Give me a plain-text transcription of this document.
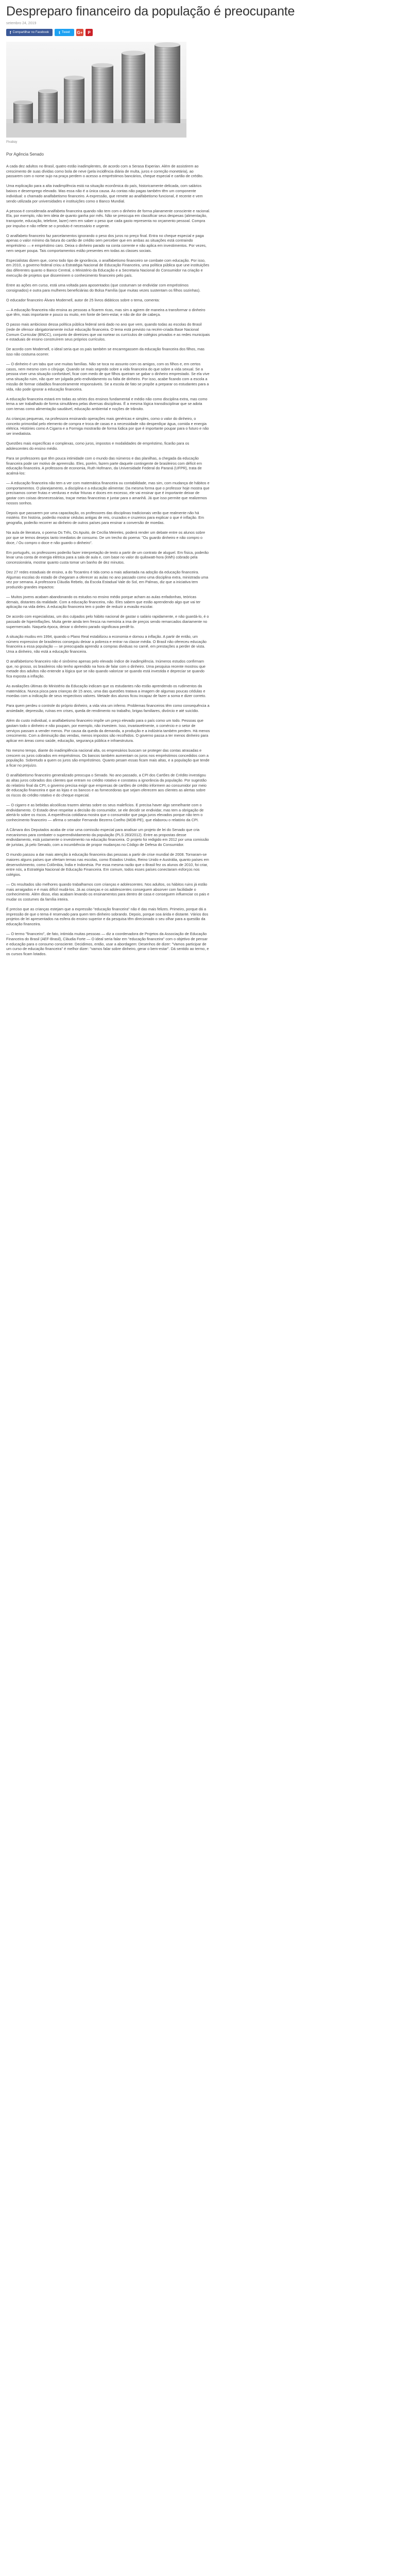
Despreparo financeiro da população é preocupante
setembro 24, 2019
f Compartilhar no Facebook t Tweet G+ P
Pixabay
Por Agência Senado

A cada dez adultos no Brasil, quatro estão inadimplentes, de acordo com a Serasa Experian. Além de assistirem ao crescimento de suas dívidas como bola de neve (pela incidência diária de multa, juros e correção monetária), ao passarem com o nome sujo na praça perdem o acesso a empréstimos bancários, cheque especial e cartão de crédito.

Uma explicação para a alta inadimplência está na situação econômica do país, historicamente delicada, com salários baixos e desemprego elevado. Mas essa não é a única causa. As contas não pagas também têm um componente individual: o chamado analfabetismo financeiro. A expressão, que remete ao analfabetismo funcional, é recente e vem sendo utilizada por universidades e instituições como o Banco Mundial.

A pessoa é considerada analfabeta financeira quando não tem com o dinheiro de forma planamente consciente e racional. Ela, por exemplo, não tem ideia de quanto ganha por mês. Não se preocupa em classificar seus despesas (alimentação, transporte, educação, telefone, lazer) nem em saber o peso que cada gasto representa no orçamento pessoal. Compra por impulso e não reflete se o produto é necessário e urgente.

O analfabeto financeiro faz parcelamentos ignorando o peso dos juros no preço final. Entra no cheque especial e paga apenas o valor mínimo da fatura do cartão de crédito sem perceber que em ambas as situações está contraindo empréstimo — e empréstimo caro. Deixa o dinheiro parado na conta corrente e não aplica em investimentos. Por vezes, nem sequer poupa. Tais comportamentos estão presentes em todas as classes sociais.

Especialistas dizem que, como todo tipo de ignorância, o analfabetismo financeiro se combate com educação. Por isso, em 2010, o governo federal criou a Estratégia Nacional de Educação Financeira, uma política pública que une instituições das diferentes quanto o Banco Central, o Ministério da Educação e a Secretaria Nacional do Consumidor na criação e execução de projetos que disseminem o conhecimento financeiro pelo país.

Entre as ações em curso, está uma voltada para aposentados (que costumam se endividar com empréstimos consignados) e outra para mulheres beneficiárias do Bolsa Família (que muitas vezes sustentam os filhos sozinhas).

O educador financeiro Álvaro Modernell, autor de 25 livros didáticos sobre o tema, comenta:

— A educação financeira não ensina as pessoas a ficarem ricas, mas sim a agirem de maneira a transformar o dinheiro que têm, mais importante e pouco ou muito, em fonte de bem-estar, e não de dor de cabeça.

O passo mais ambicioso dessa política pública federal será dado no ano que vem, quando todas as escolas do Brasil (rede de ofensor obrigatoriamente incluir educação financeira. O tema está previsto na recém-criada Base Nacional Comum Curricular (BNCC), conjunto de diretrizes que vai nortear os currículos de colégios privados e as redes municipais e estaduais de ensino construírem seus próprios currículos.

De acordo com Modernell, o ideal seria que os pais também se encarregassem da educação financeira dos filhos, mas isso não costuma ocorrer.

— O dinheiro é um tabu que une muitas famílias. Não se toca no assunto com os amigos, com os filhos e, em certos casos, nem mesmo com o cônjuge. Quando se mais segredo sobre a vida financeira do que sobre a vida sexual. Se a pessoa viver uma situação confortável, ficar com medo de que filhos queiram se gabar o dinheiro emprestado. Se ela vive uma situação ruim, não quer ser julgada pelo endividamento ou falta de dinheiro. Por isso, acabe ficando com a escola a missão de formar cidadãos financeiramente responsáveis. Se a escola de fato se propõe a preparar os estudantes para a vida, não pode ignorar a educação financeira.

A educação financeira estará em todas as séries dos ensinos fundamental e médio não como disciplina extra, mas como tema a ser trabalhado de forma simultânea pelas diversas disciplinas. É a mesma lógica transdisciplinar que se adota com temas como alimentação saudável, educação ambiental e noções de trânsito.

As crianças pequenas, na professora ensinando operações mais genéricas e simples, como o valor do dinheiro, o conceito primordial pelo elemento de compra e troca de casas e a necessidade não desperdiçar água, comida e energia elétrica. Históries como A Cigarra e a Formiga mostrarão de forma lúdica por que é importante poupar para o futuro e não ser imediatista.

Questões mais específicas e complexas, como juros, impostos e modalidades de empréstimo, ficarão para os adolescentes do ensino médio.

Para se professores que têm pouca intimidade com o mundo das números e das planilhas, a chegada da educação financeira pode ser motivo de apreensão. Eles, porém, fazem parte daquele contingente de brasileiros com déficit em educação financeira. A professora de economia, Ruth Hofmann, da Universidade Federal do Paraná (UFPR), trata de acalmá-los:

— A educação financeira não tem a ver com matemática financeira ou contabilidade, mas sim, com mudança de hábitos e comportamentos. O planejamento, a disciplina e a educação alimentar. Da mesma forma que o professor hoje mostra que precisamos comer frutas e verduras e evitar frituras e doces em excesso, ele vai ensinar que é importante deixar de gastar com coisas desnecessárias, traçar metas financeiras e juntar para o amanhã. Já que isso permite que realizemos nossos sonhos.

Depois que passarem por uma capacitação, os professores das disciplinas tradicionais verão que realmente não há mistério. Em história, poderão mostrar cédulas antigas de reis, cruzados e cruzeiros para explicar o que é inflação. Em geografia, poderão recorrer ao dinheiro de outros países para ensinar a conversão de moedas.

Na aula de literatura, o poema Os Três, Os Apuito, de Cecília Meireles, poderá render um debate entre os alunos sobre por que se temos desejos tanto imediatos de consumo. De um trecho do poema: "Ou guardo dinheiro e não compro o doce, / Ou compro o doce e não guardo o dinheiro".

Em português, os professores poderão fazer interpretação de texto a partir de um contrato de aluguel. Em física, poderão levar uma conta de energia elétrica para a sala de aula e, com base no valor do quilowatt-hora (kWh) cobrado pela concessionária, mostrar quanto custa tomar um banho de dez minutos.

Dez 27 redes estaduais de ensino, a do Tocantins é tida como a mais adiantada na adoção da educação financeira. Algumas escolas do estado de chegaram a oferecer as aulas no ano passado como uma disciplina extra, ministrada uma vez por semana. A professora Cláudia Rebelo, da Escola Estadual Vale do Sol, em Palmas, diz que a iniciativa tem produzido grandes impactos:

— Muitos jovens acabam abandonando os estudos no ensino médio porque acham as aulas enfadonhas, teóricas demais, distantes da realidade. Com a educação financeira, não. Eles sabem que estão aprendendo algo que vai ter aplicação na vida deles. A educação financeira tem o poder de reduzir a evasão escolar.

De acordo com especialistas, um dos culpados pelo hábito nacional de gastar o salário rapidamente, e não guardá-lo, é o passado de hiperinflações. Muita gente ainda tem fresca na memória a ima de preços sendo remarcados diariamente no supermercado. Naquela época, deixar o dinheiro parado significava perdê-lo.

A situação mudou em 1994, quando o Plano Real estabilizou a economia e domou a inflação. A partir de então, um número expressivo de brasileiros conseguiu deixar a pobreza e entrar na classe média. O Brasil não ofereceu educação financeira a essa população — se preocupada aprendiz a compras dividuas no carnê, em prestações a perder de vista. Uma a dinheiro, não está a educação financeira.

O analfabetismo financeiro não é sinônimo apenas pelo elevado índice de inadimplência. Inúmeros estudos confirmam que, no grosso, os brasileiros não tenho aprendido na hora de falar com o dinheiro. Uma pesquisa recente mostrou que metade dos adultos não entende a lógica que se não quando valorizar se quando está investida e depreciar se quando fica exposta a inflação.

As avaliações últimas do Ministério da Educação indicam que os estudantes não estão aprendendo os rudimentos da matemática. Nunca pisca para crianças de 15 anos, uma das questões tratava a imagem de algumas poucas cédulas e moedas com a indicação de seus respectivos valores. Metade dos alunos ficou incapaz de fazer a soma e dizer correto.

Para quem perdeu o controle do próprio dinheiro, a vida vira um inferno. Problemas financeiros têm como consequência a ansiedade, depressão, ruínas em crises, queda de rendimento no trabalho, brigas familiares, divórcio e até suicídio.

Além do custo individual, o analfabetismo financeiro impõe um preço elevado para o país como um todo. Pessoas que gastam todo o dinheiro e não poupam, por exemplo, não investem. Isso, invariavelmente, o comércio e o setor de serviços passam a vender menos. Por causa da queda da demanda, a produção e a indústria também perdem. Há menos crescimento. Com a diminuição das vendas, menos impostos são recolhidos. O governo passa a ter menos dinheiro para aplicar em áreas como saúde, educação, segurança pública e infraestrutura.

No mesmo tempo, diante do inadimplência nacional alta, os empresários buscam se proteger das contas atrasadas e crescem os juros cobrados em empréstimos. Os bancos também aumentam os juros nos empréstimos concedidos com a população. Sobretudo a quem os juros são empréstimos. Quanto pesam essas ficam mais altas, e a população que tende a ficar no prejuízo.

O analfabetismo financeiro generalizado preocupa o Senado. No ano passado, a CPI dos Cartões de Crédito investigou as altas juros cobrados dos clientes que entram no crédito rotativo e constatou a ignorância da população. Por sugestão do relatório final da CPI, o governo precisa exigir que empresas de cartões de crédito informem ao consumidor por meio de educação financeira e que as lojas e os bancos e as fornecedoras que sejam oferecem aos clientes as alertas sobre os riscos do crédito rotativo e do cheque especial.

— O cigarro e as bebidas alcoólicas trazem alertas sobre os seus malefícios. E precisa haver algo semelhante com o endividamento. O Estado deve respeitar a decisão do consumidor, se ele decidir se endividar, mas tem a obrigação de alertá-lo sobre os riscos. A experiência cotidiana mostra que o consumidor que paga juros elevados porque não tem o conhecimento financeiro — afirma o senador Fernando Bezerra Coelho (MDB-PE), que elaborou o relatório da CPI.

A Câmara dos Deputados acaba de criar uma comissão especial para analisar um projeto de lei do Senado que cria mecanismos para combater o superendividamento da população (PLS 283/2012). Entre as propostas desse endividamento, está justamente o investimento na educação financeira. O projeto foi redigido em 2012 por uma comissão de juristas, já pelo Senado, com a incumbência de propor mudanças no Código de Defesa do Consumidor.

O mundo passou a dar mais atenção à educação financeira das pessoas a partir de crise mundial de 2008. Tornaram-se maiores alguns países que ofertam temas nas escolas, como Estados Unidos, Reino Unido e Austrália, quanto países em desenvolvimento, como Colômbia, Índia e Indonésia. Por essa mesma razão que o Brasil fez os alunos de 2010, foi criar, entre nós, a Estratégia Nacional de Educação Financeira. Em comum, todos esses países conectaram esforços nos colégios.

— Os resultados são melhores quando trabalhamos com crianças e adolescentes. Nos adultos, os hábitos ruins já estão mais arraigados e é mais difícil mudá-los. Já as crianças e os adolescentes conseguem absorver com facilidade o conhecimento. Além disso, elas acabam levando os ensinamentos para dentro de casa e conseguem influenciar os pais e mudar os costumes da família inteira.

É preciso que as crianças estejam que a expressão "educação financeira" não é das mais felizes. Primeiro, porque dá a impressão de que o tema é reservado para quem tem dinheiro sobrando. Depois, porque soa árida e distante. Vários dos projetos de lei apresentados na esfera do ensino superior e da pesquisa têm direcionado o seu olhar para a questão da educação financeira.

— O termo "financeiro", de fato, intimida muitas pessoas — diz a coordenadora de Projetos da Associação de Educação Financeira do Brasil (AEF-Brasil), Cláudia Forte — O ideal seria falar em "educação financeira" com o objetivo de pensar e educação para o consumo consciente. Decidimos, então, usar a abordagem: Desenhos de dizer: "Vamos participar de um curso de educação financeira" é melhor dizer: "vamos falar sobre dinheiro, gerar o bem-estar". Dá sentido ao termo, e os cursos ficam lotados.
